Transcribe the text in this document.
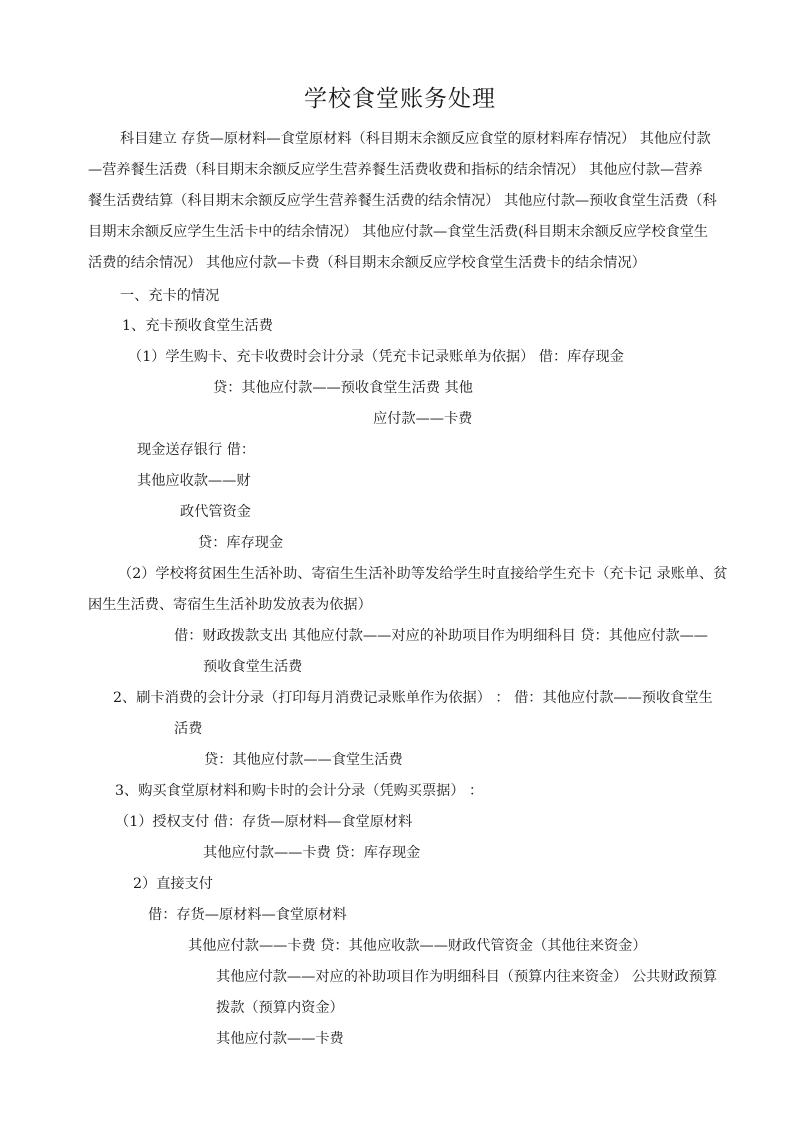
学校食堂账务处理
科目建立 存货—原材料—食堂原材料（科目期末余额反应食堂的原材料库存情况） 其他应付款
—营养餐生活费（科目期末余额反应学生营养餐生活费收费和指标的结余情况） 其他应付款—营养
餐生活费结算（科目期末余额反应学生营养餐生活费的结余情况） 其他应付款—预收食堂生活费（科
目期末余额反应学生生活卡中的结余情况） 其他应付款—食堂生活费(科目期末余额反应学校食堂生
活费的结余情况） 其他应付款—卡费（科目期末余额反应学校食堂生活费卡的结余情况）
一、充卡的情况
1、充卡预收食堂生活费
（1）学生购卡、充卡收费时会计分录（凭充卡记录账单为依据） 借：库存现金
贷：其他应付款——预收食堂生活费 其他
应付款——卡费
现金送存银行 借：
其他应收款——财
政代管资金
贷：库存现金
（2）学校将贫困生生活补助、寄宿生生活补助等发给学生时直接给学生充卡（充卡记 录账单、贫
困生生活费、寄宿生生活补助发放表为依据）
借：财政拨款支出 其他应付款——对应的补助项目作为明细科目 贷：其他应付款——
预收食堂生活费
2、刷卡消费的会计分录（打印每月消费记录账单作为依据） ： 借：其他应付款——预收食堂生
活费
贷：其他应付款——食堂生活费
3、购买食堂原材料和购卡时的会计分录（凭购买票据） ：
（1）授权支付 借：存货—原材料—食堂原材料
其他应付款——卡费 贷：库存现金
2）直接支付
借：存货—原材料—食堂原材料
其他应付款——卡费 贷：其他应收款——财政代管资金（其他往来资金）
其他应付款——对应的补助项目作为明细科目（预算内往来资金） 公共财政预算
拨款（预算内资金）
其他应付款——卡费
